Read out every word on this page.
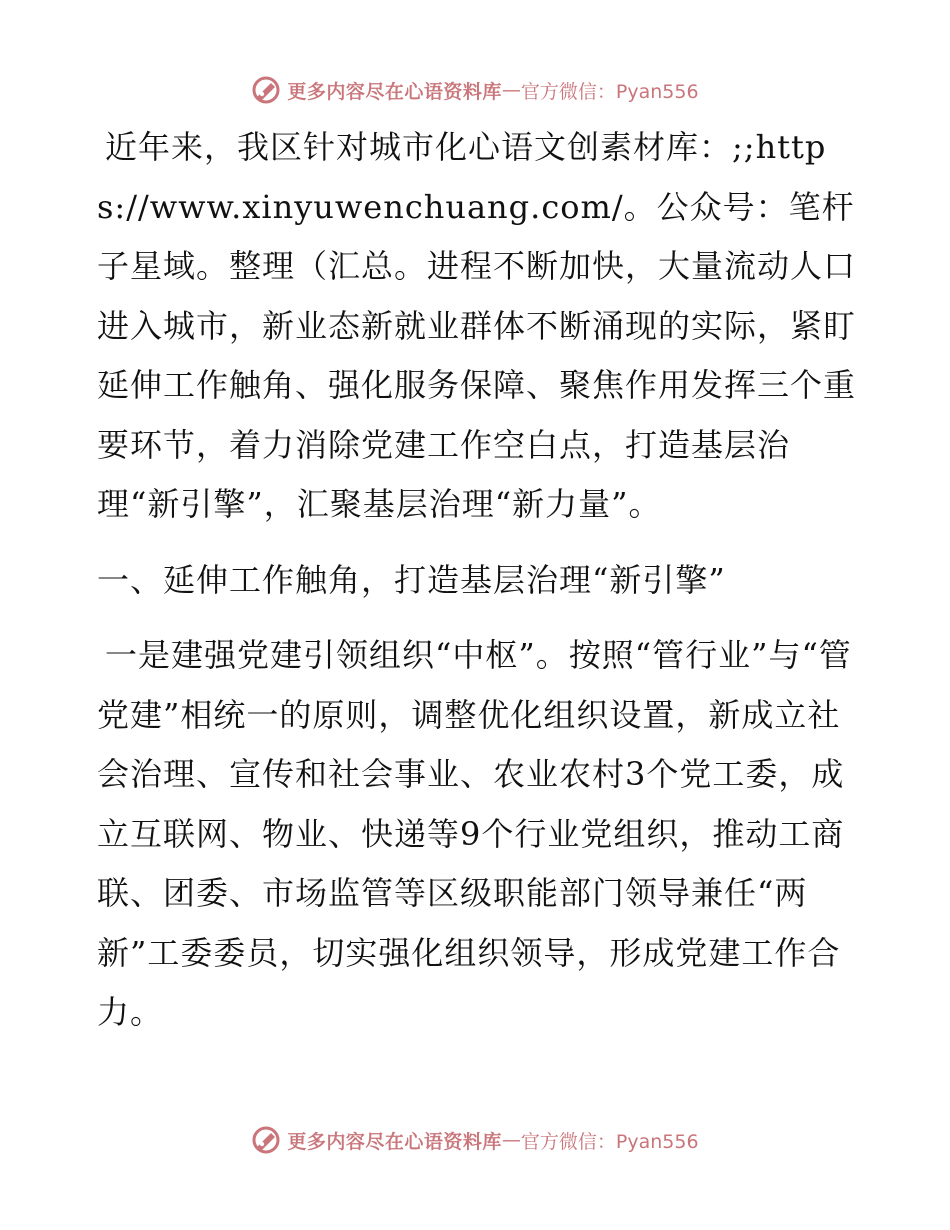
更多内容尽在心语资料库 — 官方微信：Pyan556

近年来，我区针对城市化心语文创素材库：;;https://www.xinyuwenchuang.com/。公众号：笔杆子星域。整理（汇总。进程不断加快，大量流动人口进入城市，新业态新就业群体不断涌现的实际，紧盯延伸工作触角、强化服务保障、聚焦作用发挥三个重要环节，着力消除党建工作空白点，打造基层治理“新引擎”，汇聚基层治理“新力量”。

一、延伸工作触角，打造基层治理“新引擎”

一是建强党建引领组织“中枢”。按照“管行业”与“管党建”相统一的原则，调整优化组织设置，新成立社会治理、宣传和社会事业、农业农村3个党工委，成立互联网、物业、快递等9个行业党组织，推动工商联、团委、市场监管等区级职能部门领导兼任“两新”工委委员，切实强化组织领导，形成党建工作合力。

更多内容尽在心语资料库 — 官方微信：Pyan556
